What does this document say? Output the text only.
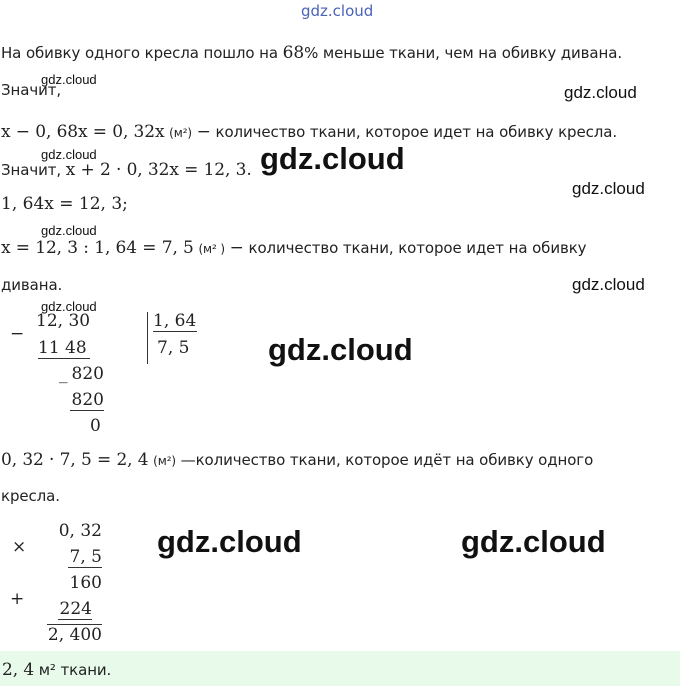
gdz.cloud
На обивку одного кресла пошло на 68% меньше ткани, чем на обивку дивана.
Значит,
gdz.cloud
gdz.cloud
x − 0, 68x = 0, 32x (м²) − количество ткани, которое идет на обивку кресла.
Значит, x + 2 · 0, 32x = 12, 3.
gdz.cloud	gdz.cloud
gdz.cloud
1, 64x = 12, 3;
gdz.cloud
x = 12, 3 : 1, 64 = 7, 5 (м² ) − количество ткани, которое идет на обивку
дивана.	gdz.cloud
gdz.cloud
−
12, 30
11 48
_ 820
820
0
1, 64
7, 5	gdz.cloud
0, 32 · 7, 5 = 2, 4 (м²) —количество ткани, которое идёт на обивку одного
кресла.
×
0, 32
7, 5
160
+ 224
2, 400
gdz.cloud	gdz.cloud
2, 4 м² ткани.
